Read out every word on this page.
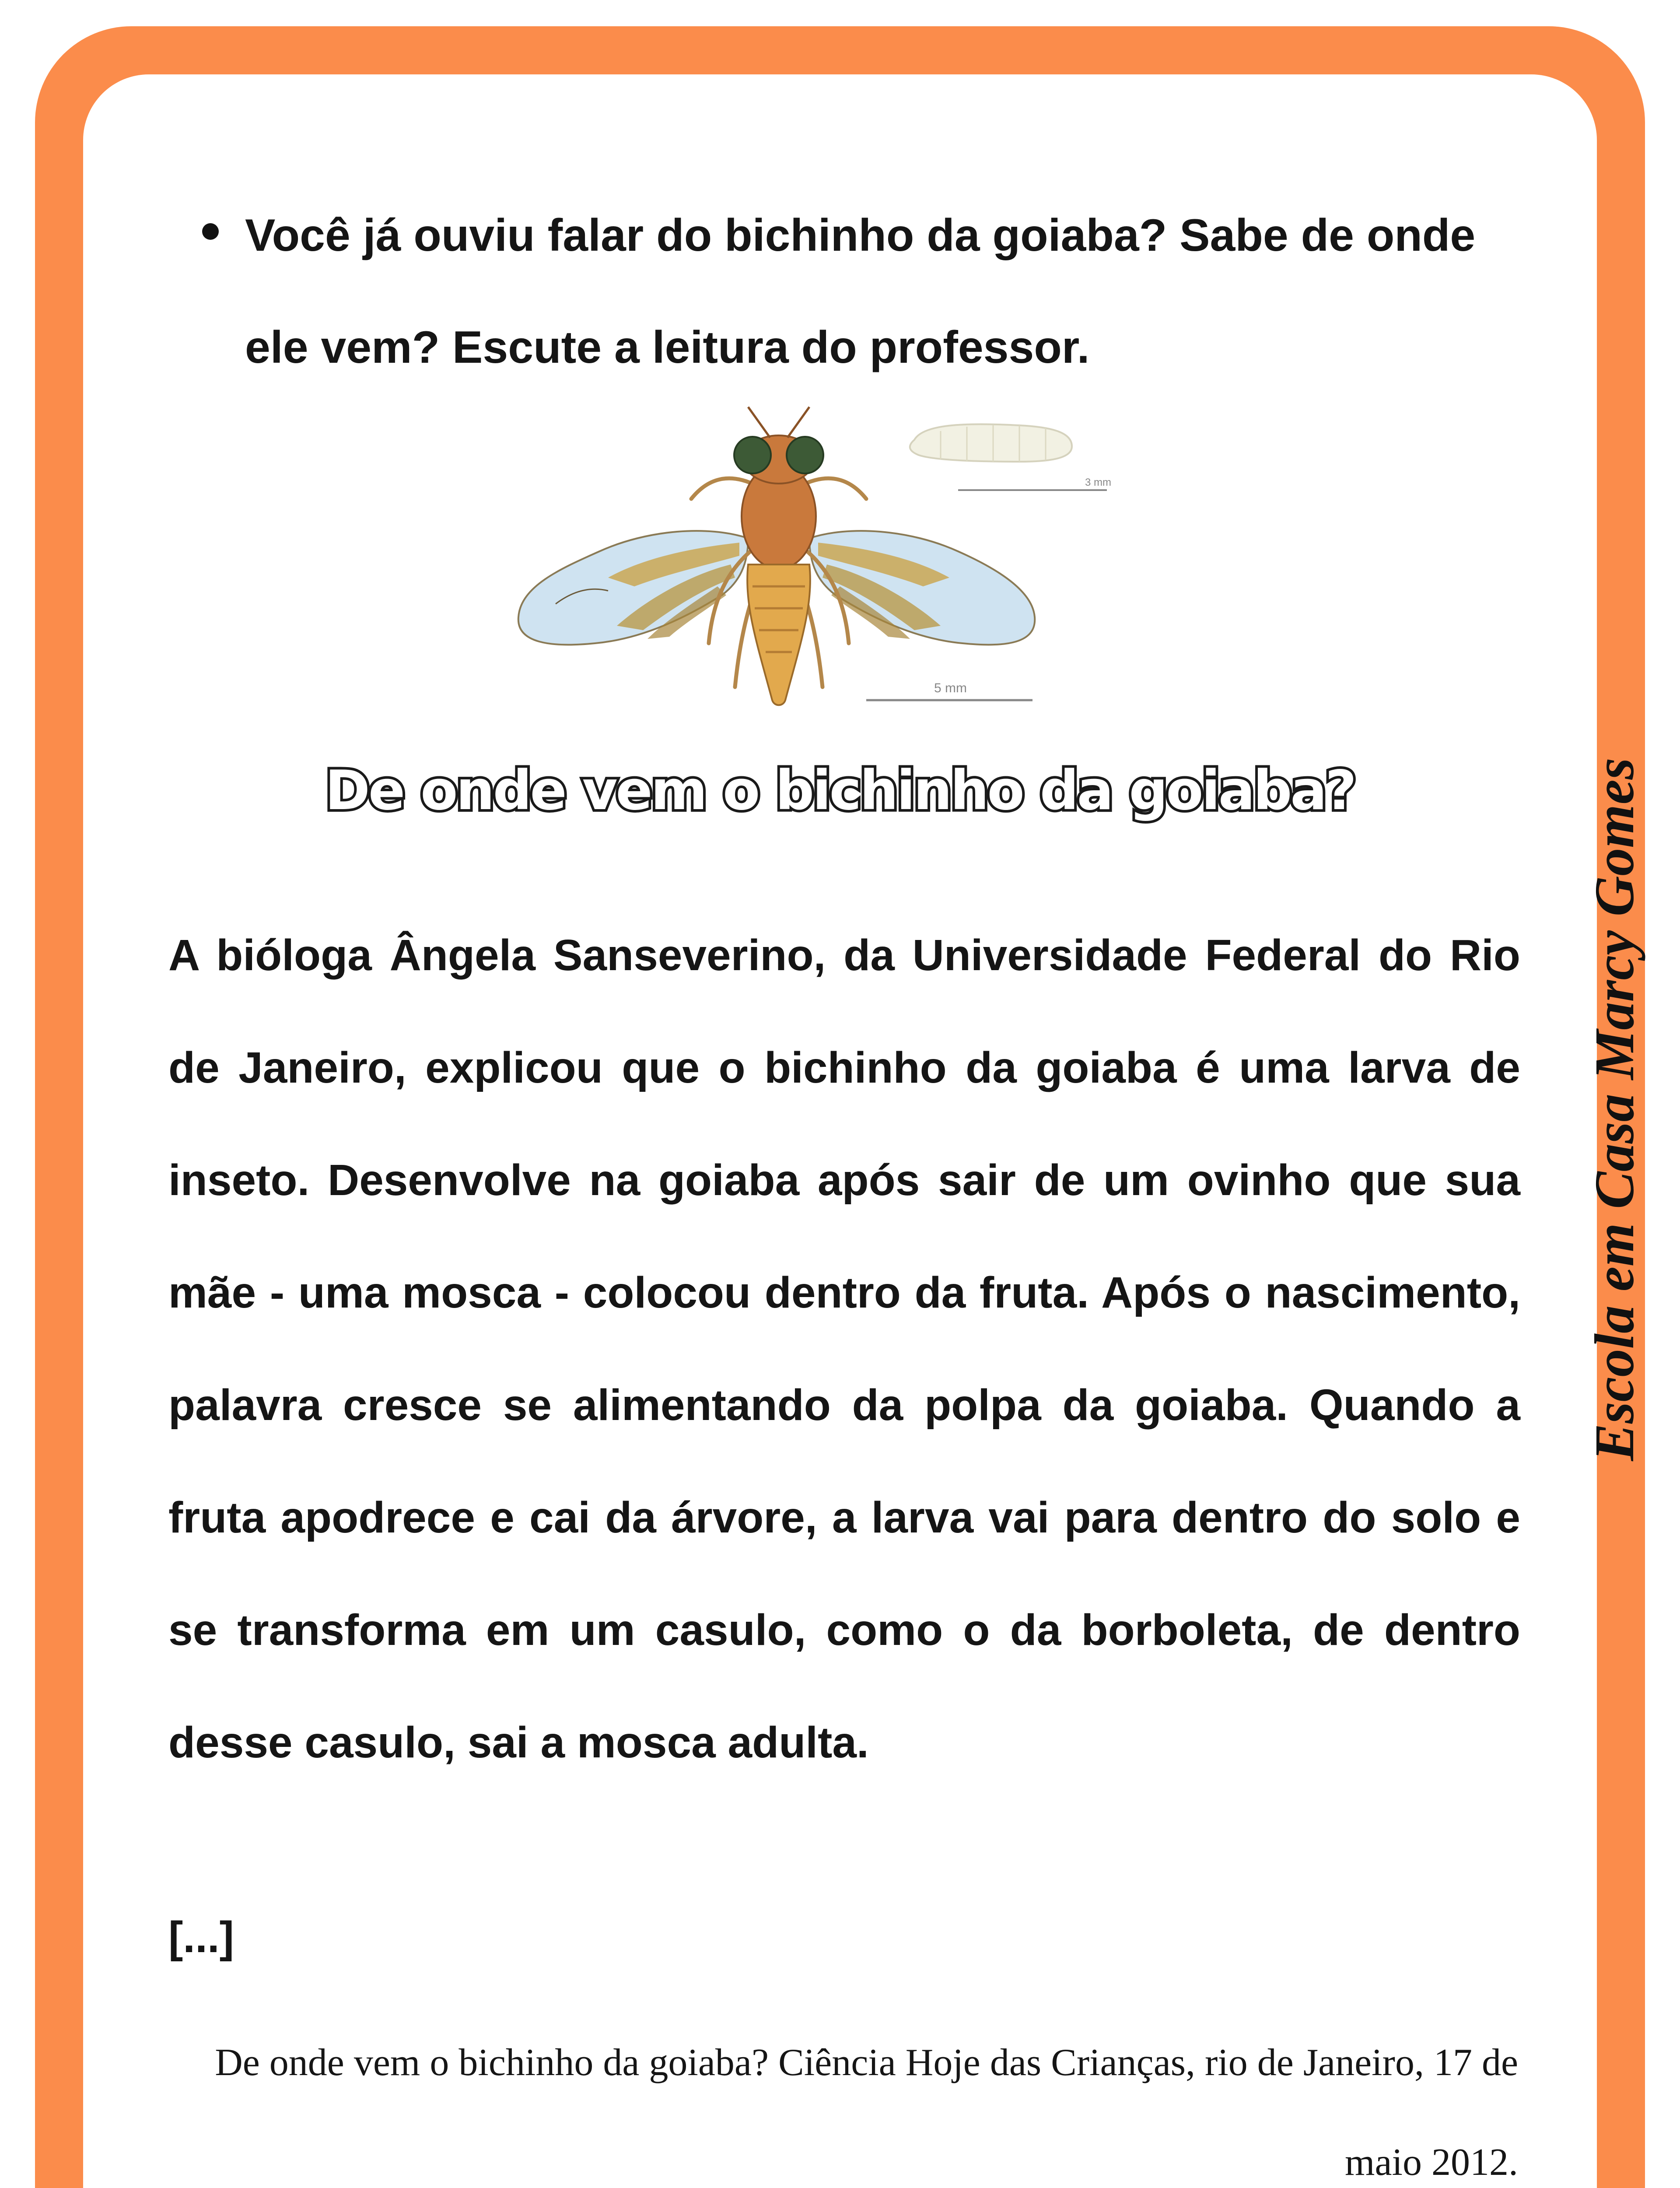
Você já ouviu falar do bichinho da goiaba? Sabe de onde ele vem? Escute a leitura do professor.
5 mm
3 mm
De onde vem o bichinho da goiaba?
A bióloga Ângela Sanseverino, da Universidade Federal do Rio de Janeiro, explicou que o bichinho da goiaba é uma larva de inseto. Desenvolve na goiaba após sair de um ovinho que sua mãe - uma mosca - colocou dentro da fruta. Após o nascimento, palavra cresce se alimentando da polpa da goiaba. Quando a fruta apodrece e cai da árvore, a larva vai para dentro do solo e se transforma em um casulo, como o da borboleta, de dentro desse casulo, sai a mosca adulta.
[...]
De onde vem o bichinho da goiaba? Ciência Hoje das Crianças, rio de Janeiro, 17 de maio 2012.
Escola em Casa Marcy Gomes
